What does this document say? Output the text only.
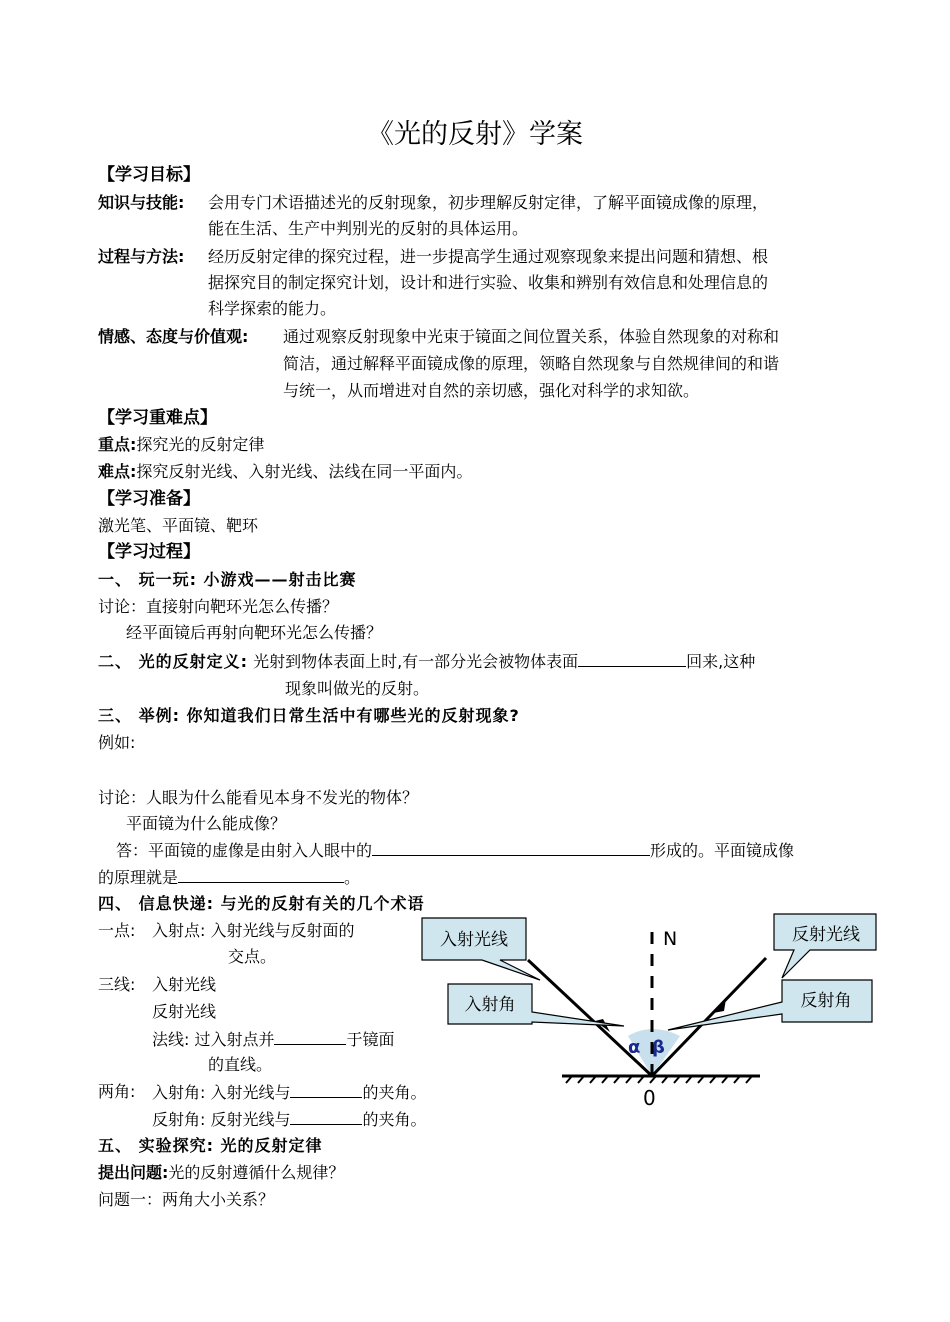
《光的反射》学案
【学习目标】
知识与技能: 会用专门术语描述光的反射现象，初步理解反射定律，了解平面镜成像的原理，
能在生活、生产中判别光的反射的具体运用。
过程与方法: 经历反射定律的探究过程，进一步提高学生通过观察现象来提出问题和猜想、根
据探究目的制定探究计划，设计和进行实验、收集和辨别有效信息和处理信息的
科学探索的能力。
情感、态度与价值观: 通过观察反射现象中光束于镜面之间位置关系，体验自然现象的对称和
简洁，通过解释平面镜成像的原理，领略自然现象与自然规律间的和谐
与统一，从而增进对自然的亲切感，强化对科学的求知欲。
【学习重难点】
重点:探究光的反射定律
难点:探究反射光线、入射光线、法线在同一平面内。
【学习准备】
激光笔、平面镜、靶环
【学习过程】
一、 玩一玩: 小游戏——射击比赛
讨论：直接射向靶环光怎么传播？
经平面镜后再射向靶环光怎么传播？
二、 光的反射定义: 光射到物体表面上时,有一部分光会被物体表面	回来,这种
现象叫做光的反射。
三、 举例: 你知道我们日常生活中有哪些光的反射现象?
例如:
讨论：人眼为什么能看见本身不发光的物体？
平面镜为什么能成像？
答：平面镜的虚像是由射入人眼中的	形成的。平面镜成像
的原理就是	。
四、 信息快递: 与光的反射有关的几个术语
一点: 入射点: 入射光线与反射面的
交点。
三线: 入射光线
反射光线
法线: 过入射点并	于镜面
的直线。
两角: 入射角: 入射光线与	的夹角。
反射角: 反射光线与	的夹角。
五、 实验探究: 光的反射定律
提出问题:光的反射遵循什么规律？
问题一：两角大小关系？
入射光线
入射角
反射光线
反射角
N
0
α β
